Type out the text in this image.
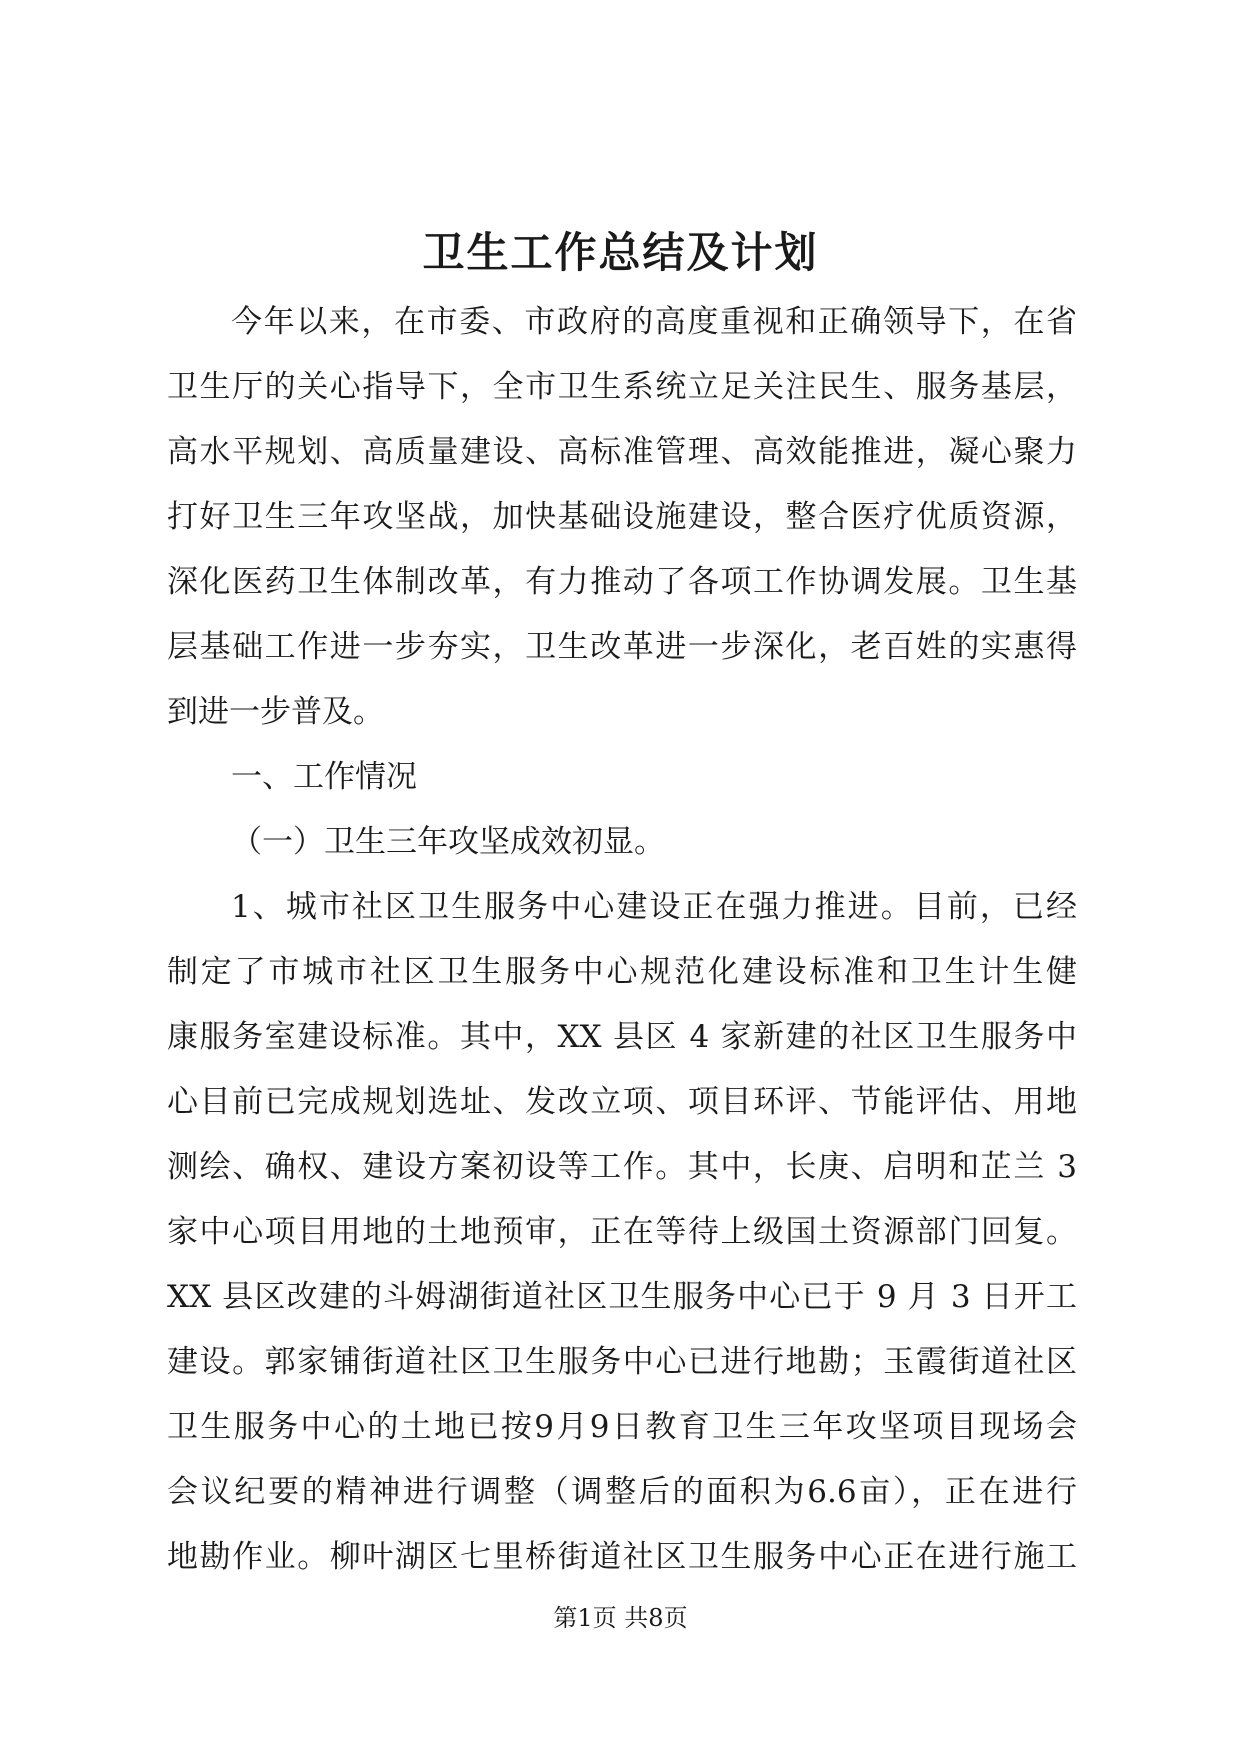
卫生工作总结及计划
今年以来，在市委、市政府的高度重视和正确领导下，在省
卫生厅的关心指导下，全市卫生系统立足关注民生、服务基层，
高水平规划、高质量建设、高标准管理、高效能推进，凝心聚力
打好卫生三年攻坚战，加快基础设施建设，整合医疗优质资源，
深化医药卫生体制改革，有力推动了各项工作协调发展。卫生基
层基础工作进一步夯实，卫生改革进一步深化，老百姓的实惠得
到进一步普及。
一、工作情况
（一）卫生三年攻坚成效初显。
1、城市社区卫生服务中心建设正在强力推进。目前，已经
制定了市城市社区卫生服务中心规范化建设标准和卫生计生健
康服务室建设标准。其中，XX 县区 4 家新建的社区卫生服务中
心目前已完成规划选址、发改立项、项目环评、节能评估、用地
测绘、确权、建设方案初设等工作。其中，长庚、启明和芷兰 3
家中心项目用地的土地预审，正在等待上级国土资源部门回复。
XX 县区改建的斗姆湖街道社区卫生服务中心已于 9 月 3 日开工
建设。郭家铺街道社区卫生服务中心已进行地勘；玉霞街道社区
卫生服务中心的土地已按9月9日教育卫生三年攻坚项目现场会
会议纪要的精神进行调整（调整后的面积为6.6亩），正在进行
地勘作业。柳叶湖区七里桥街道社区卫生服务中心正在进行施工
第1页 共8页
